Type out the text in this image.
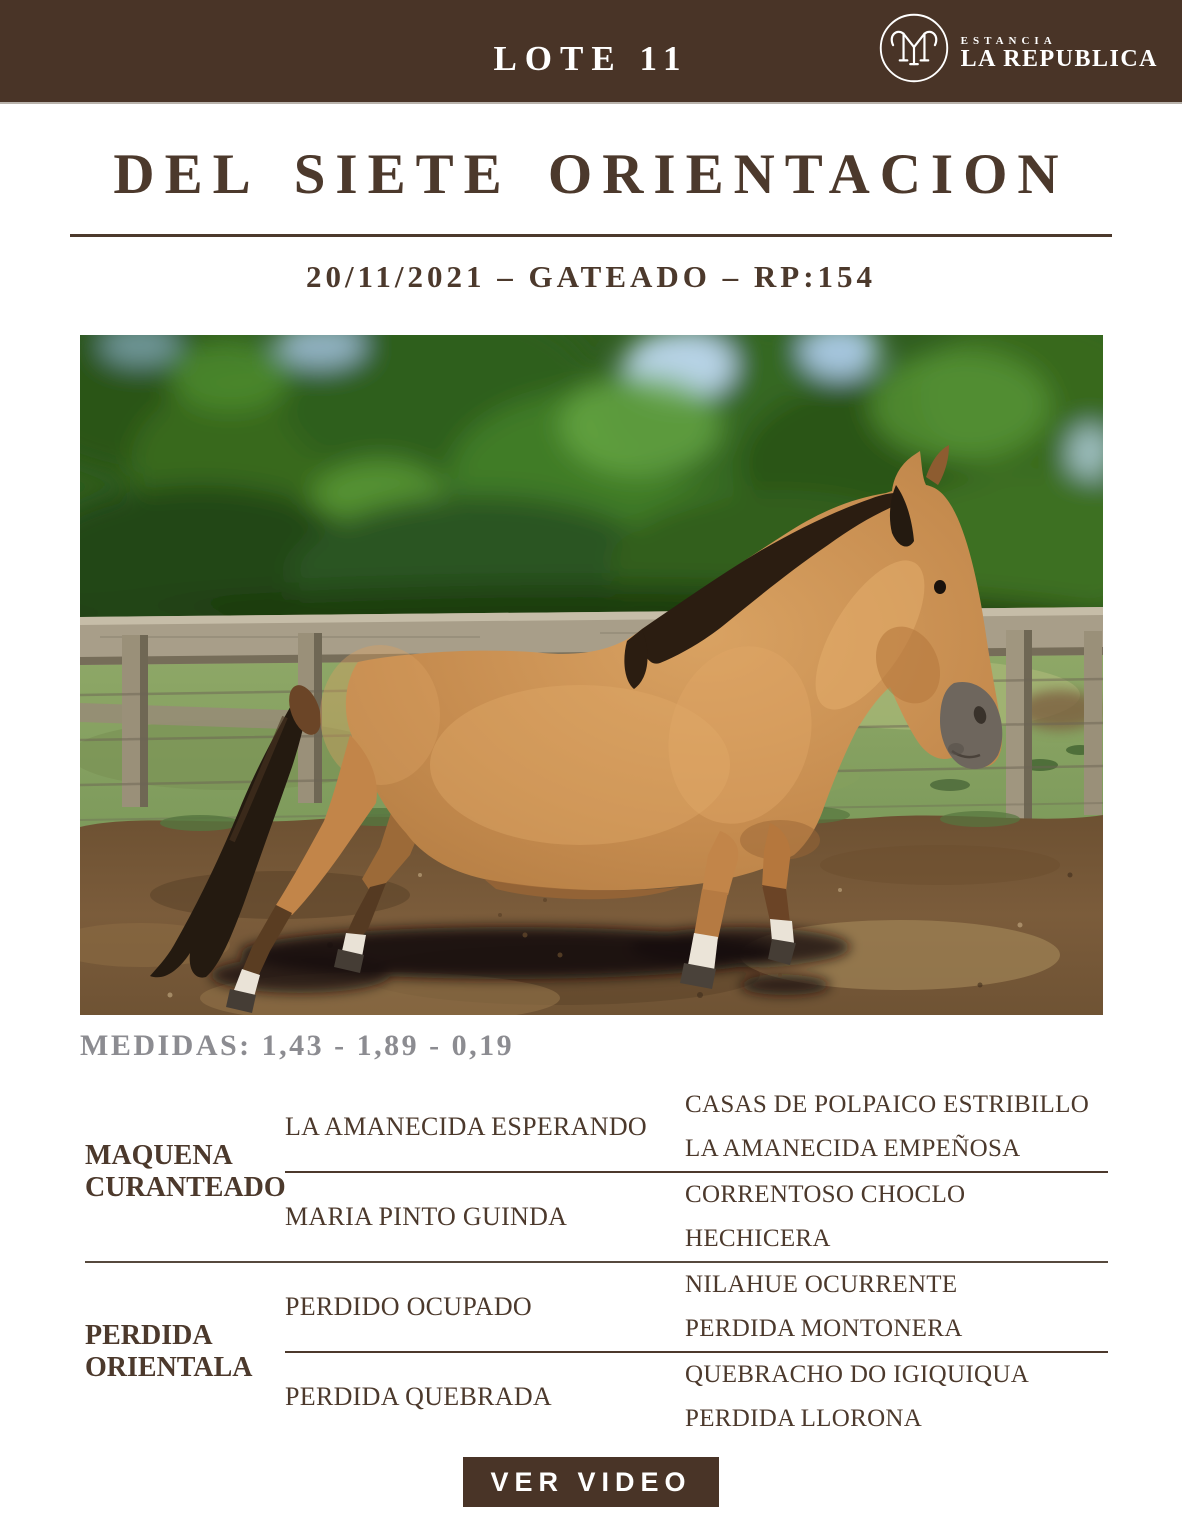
LOTE 11	ESTANCIA
LA REPUBLICA
DEL SIETE ORIENTACION
20/11/2021 – GATEADO – RP:154
MEDIDAS: 1,43 - 1,89 - 0,19
MAQUENA CURANTEADO
LA AMANECIDA ESPERANDO
CASAS DE POLPAICO ESTRIBILLO
LA AMANECIDA EMPEÑOSA
MARIA PINTO GUINDA
CORRENTOSO CHOCLO
HECHICERA
PERDIDA ORIENTALA
PERDIDO OCUPADO
NILAHUE OCURRENTE
PERDIDA MONTONERA
PERDIDA QUEBRADA
QUEBRACHO DO IGIQUIQUA
PERDIDA LLORONA
VER VIDEO
